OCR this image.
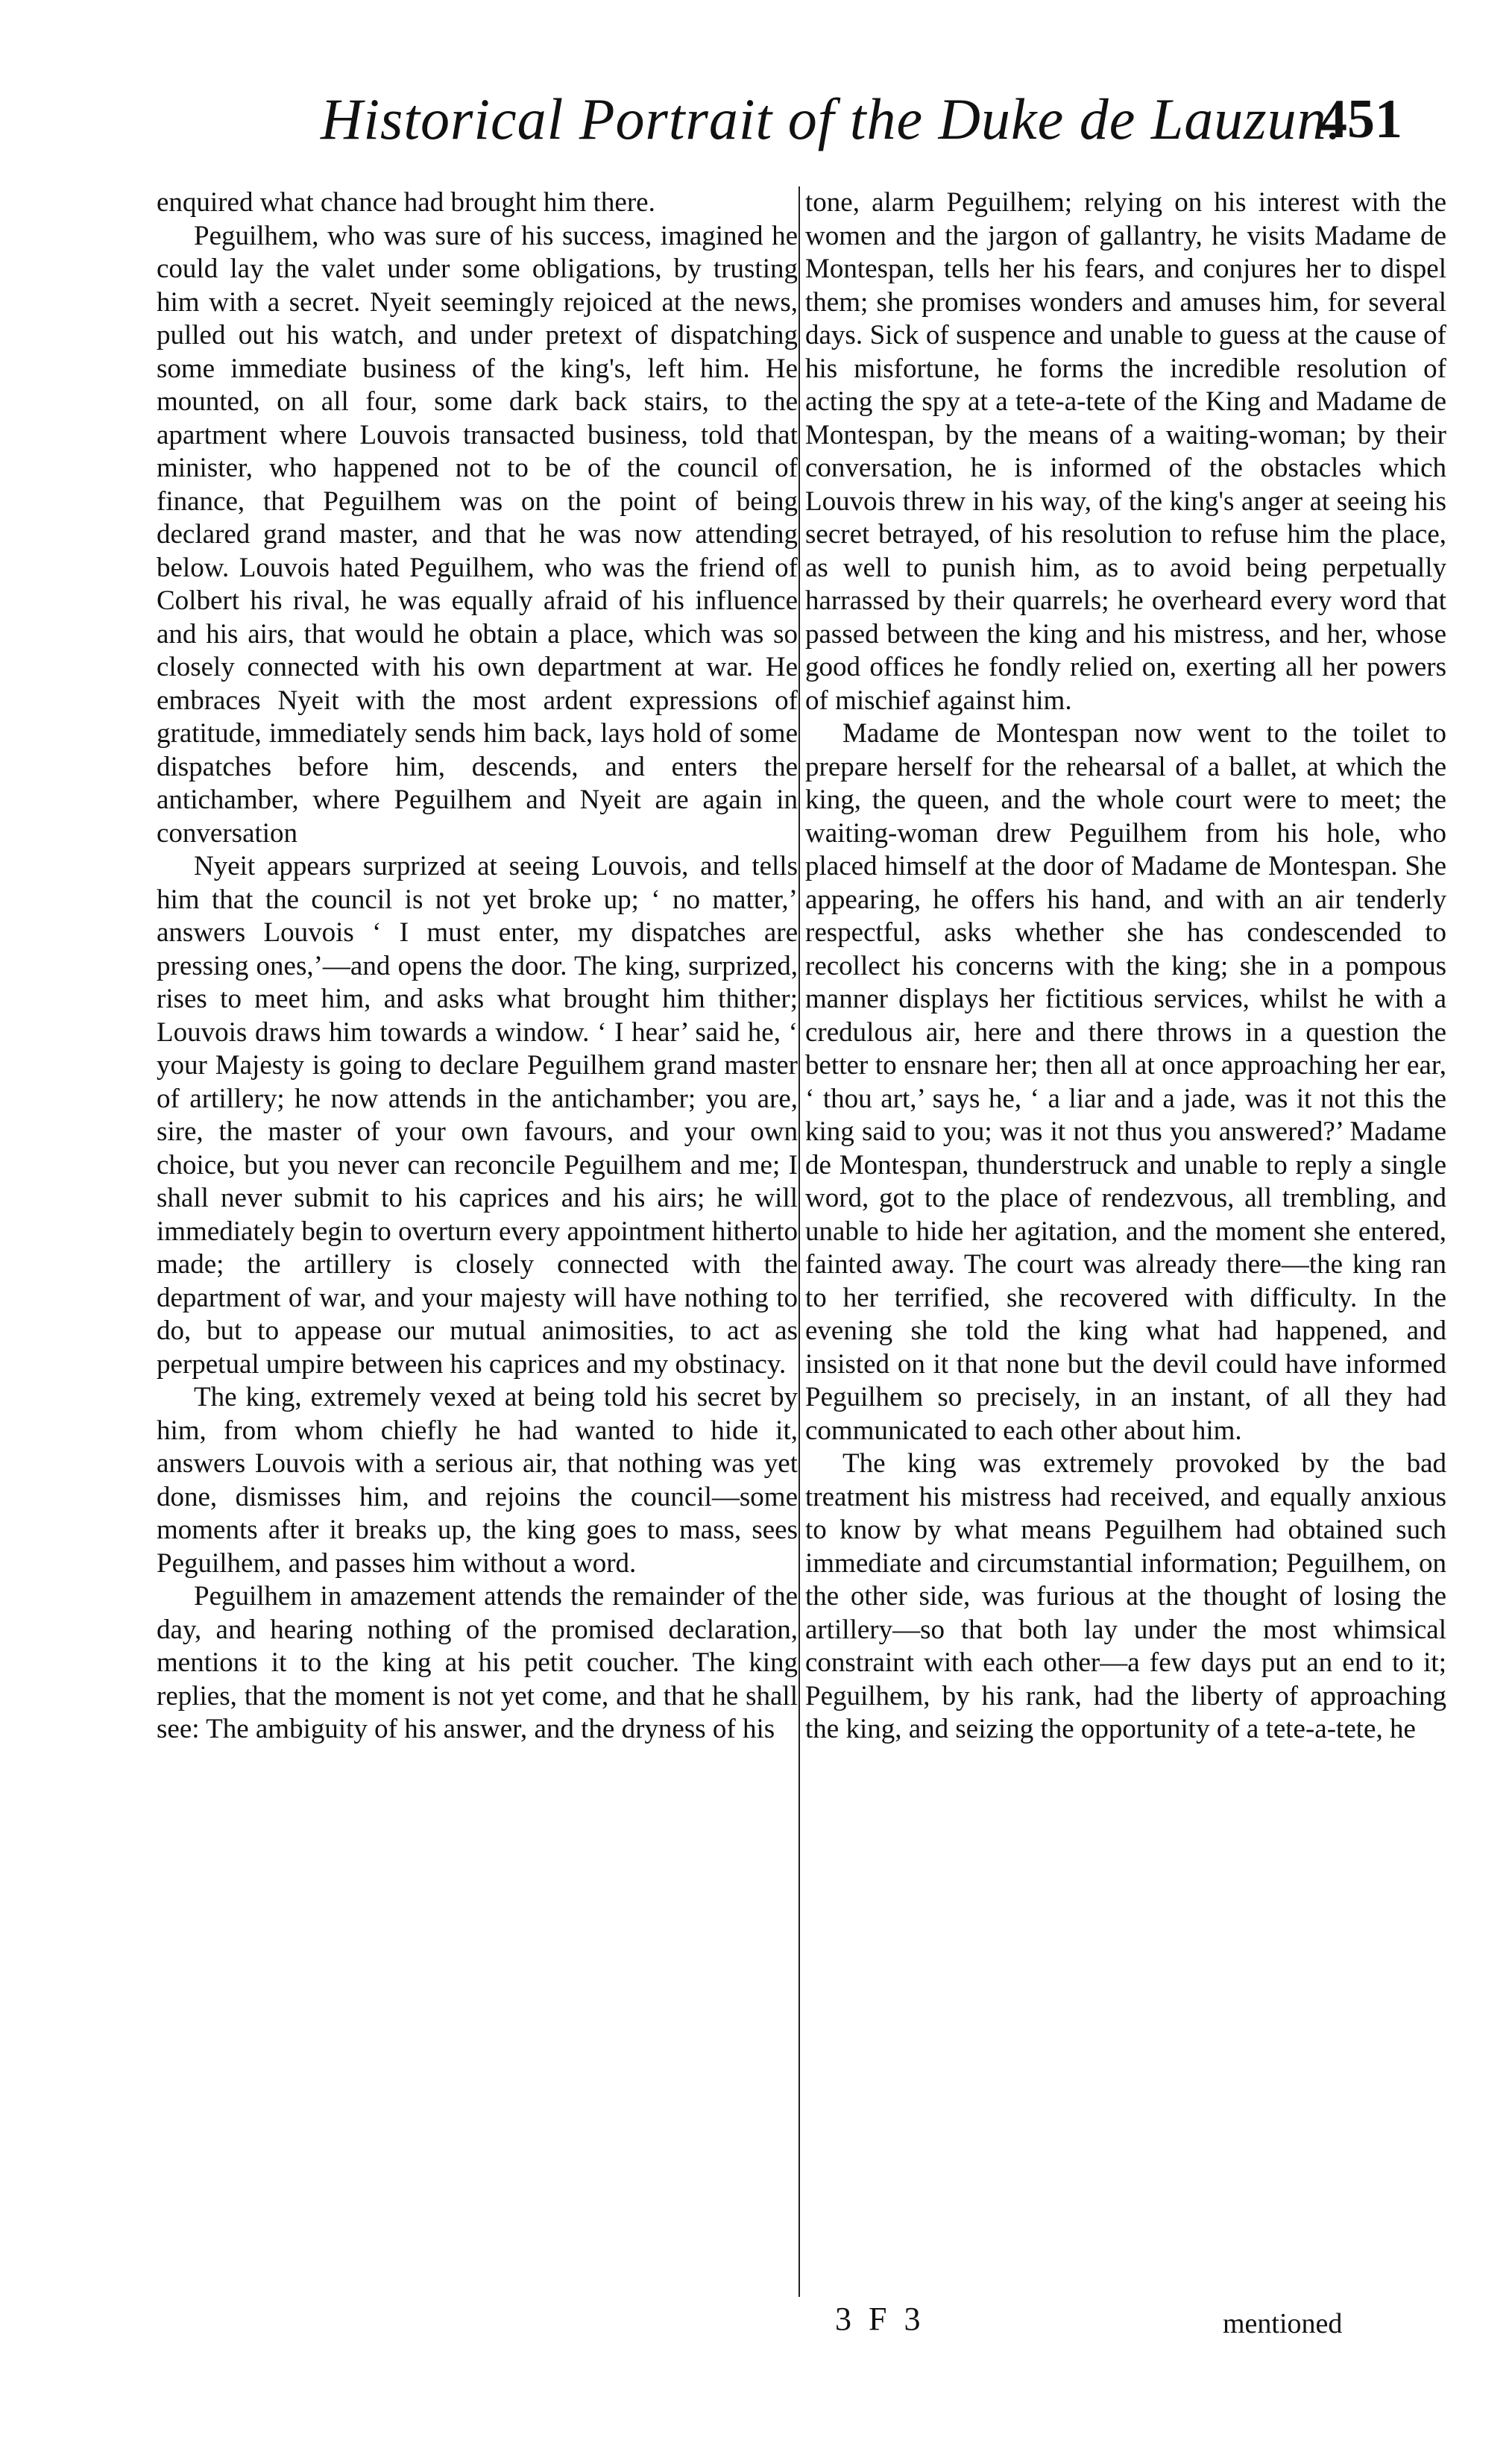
Historical Portrait of the Duke de Lauzun.
451

enquired what chance had brought him there.

Peguilhem, who was sure of his success, imagined he could lay the valet under some obligations, by trusting him with a secret. Nyeit seemingly rejoiced at the news, pulled out his watch, and under pretext of dispatching some immediate business of the king's, left him. He mounted, on all four, some dark back stairs, to the apartment where Louvois transacted business, told that minister, who happened not to be of the council of finance, that Peguilhem was on the point of being declared grand master, and that he was now attending below. Louvois hated Peguilhem, who was the friend of Colbert his rival, he was equally afraid of his influence and his airs, that would he obtain a place, which was so closely connected with his own department at war. He embraces Nyeit with the most ardent expressions of gratitude, immediately sends him back, lays hold of some dispatches before him, descends, and enters the antichamber, where Peguilhem and Nyeit are again in conversation

Nyeit appears surprized at seeing Louvois, and tells him that the council is not yet broke up; ‘ no matter,’ answers Louvois ‘ I must enter, my dispatches are pressing ones,’—and opens the door. The king, surprized, rises to meet him, and asks what brought him thither; Louvois draws him towards a window. ‘ I hear’ said he, ‘ your Majesty is going to declare Peguilhem grand master of artillery; he now attends in the antichamber; you are, sire, the master of your own favours, and your own choice, but you never can reconcile Peguilhem and me; I shall never submit to his caprices and his airs; he will immediately begin to overturn every appointment hitherto made; the artillery is closely connected with the department of war, and your majesty will have nothing to do, but to appease our mutual animosities, to act as perpetual umpire between his caprices and my obstinacy.

The king, extremely vexed at being told his secret by him, from whom chiefly he had wanted to hide it, answers Louvois with a serious air, that nothing was yet done, dismisses him, and rejoins the council—some moments after it breaks up, the king goes to mass, sees Peguilhem, and passes him without a word.

Peguilhem in amazement attends the remainder of the day, and hearing nothing of the promised declaration, mentions it to the king at his petit coucher. The king replies, that the moment is not yet come, and that he shall see: The ambiguity of his answer, and the dryness of his

tone, alarm Peguilhem; relying on his interest with the women and the jargon of gallantry, he visits Madame de Montespan, tells her his fears, and conjures her to dispel them; she promises wonders and amuses him, for several days. Sick of suspence and unable to guess at the cause of his misfortune, he forms the incredible resolution of acting the spy at a tete-a-tete of the King and Madame de Montespan, by the means of a waiting-woman; by their conversation, he is informed of the obstacles which Louvois threw in his way, of the king's anger at seeing his secret betrayed, of his resolution to refuse him the place, as well to punish him, as to avoid being perpetually harrassed by their quarrels; he overheard every word that passed between the king and his mistress, and her, whose good offices he fondly relied on, exerting all her powers of mischief against him.

Madame de Montespan now went to the toilet to prepare herself for the rehearsal of a ballet, at which the king, the queen, and the whole court were to meet; the waiting-woman drew Peguilhem from his hole, who placed himself at the door of Madame de Montespan. She appearing, he offers his hand, and with an air tenderly respectful, asks whether she has condescended to recollect his concerns with the king; she in a pompous manner displays her fictitious services, whilst he with a credulous air, here and there throws in a question the better to ensnare her; then all at once approaching her ear, ‘ thou art,’ says he, ‘ a liar and a jade, was it not this the king said to you; was it not thus you answered?’ Madame de Montespan, thunderstruck and unable to reply a single word, got to the place of rendezvous, all trembling, and unable to hide her agitation, and the moment she entered, fainted away. The court was already there—the king ran to her terrified, she recovered with difficulty. In the evening she told the king what had happened, and insisted on it that none but the devil could have informed Peguilhem so precisely, in an instant, of all they had communicated to each other about him.

The king was extremely provoked by the bad treatment his mistress had received, and equally anxious to know by what means Peguilhem had obtained such immediate and circumstantial information; Peguilhem, on the other side, was furious at the thought of losing the artillery—so that both lay under the most whimsical constraint with each other—a few days put an end to it; Peguilhem, by his rank, had the liberty of approaching the king, and seizing the opportunity of a tete-a-tete, he

3 F 3	mentioned
